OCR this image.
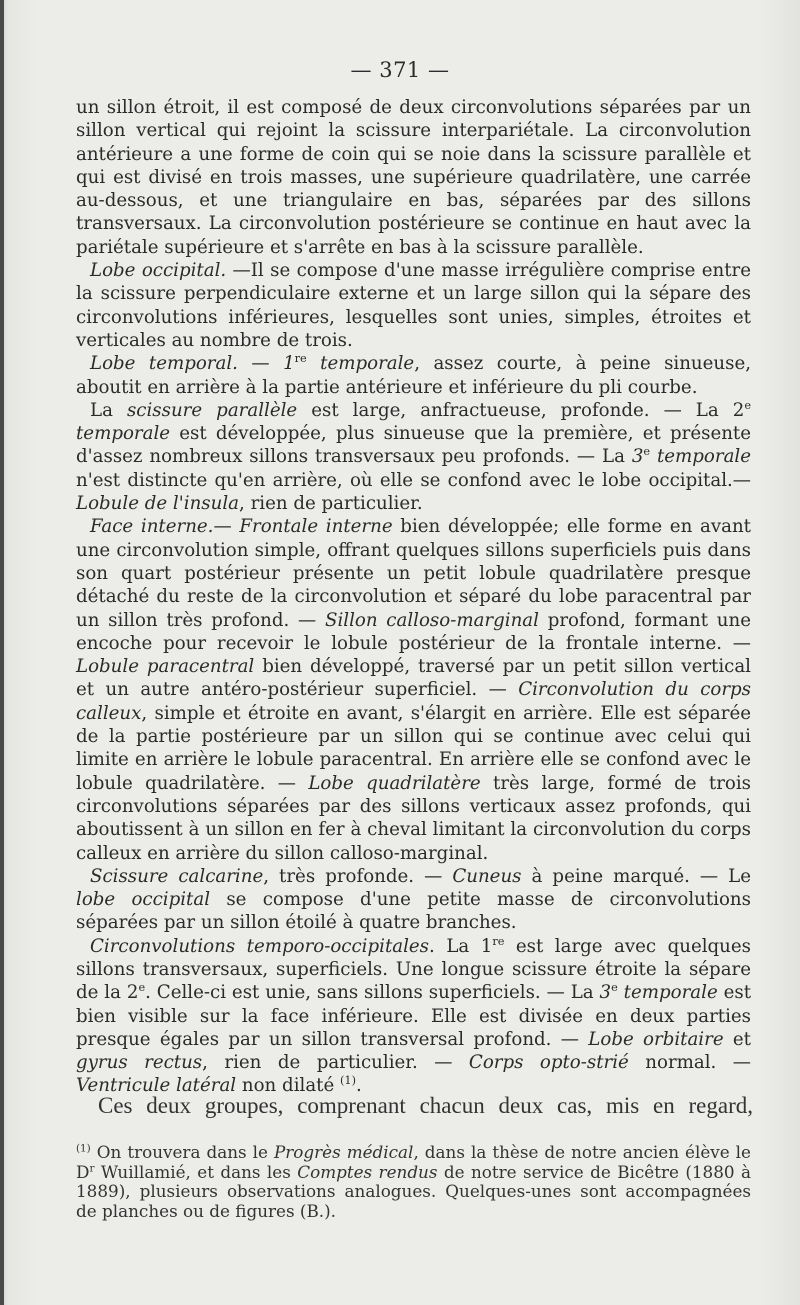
— 371 —

un sillon étroit, il est composé de deux circonvolutions séparées par un sillon vertical qui rejoint la scissure interpariétale. La circonvolution antérieure a une forme de coin qui se noie dans la scissure parallèle et qui est divisé en trois masses, une supérieure quadrilatère, une carrée au-dessous, et une triangulaire en bas, séparées par des sillons transversaux. La circonvolution postérieure se continue en haut avec la pariétale supérieure et s'arrête en bas à la scissure parallèle.

Lobe occipital. —Il se compose d'une masse irrégulière comprise entre la scissure perpendiculaire externe et un large sillon qui la sépare des circonvolutions inférieures, lesquelles sont unies, simples, étroites et verticales au nombre de trois.

Lobe temporal. — 1re temporale, assez courte, à peine sinueuse, aboutit en arrière à la partie antérieure et inférieure du pli courbe.

La scissure parallèle est large, anfractueuse, profonde. — La 2e temporale est développée, plus sinueuse que la première, et présente d'assez nombreux sillons transversaux peu profonds. — La 3e temporale n'est distincte qu'en arrière, où elle se confond avec le lobe occipital.— Lobule de l'insula, rien de particulier.

Face interne.— Frontale interne bien développée; elle forme en avant une circonvolution simple, offrant quelques sillons superficiels puis dans son quart postérieur présente un petit lobule quadrilatère presque détaché du reste de la circonvolution et séparé du lobe paracentral par un sillon très profond. — Sillon calloso-marginal profond, formant une encoche pour recevoir le lobule postérieur de la frontale interne. —Lobule paracentral bien développé, traversé par un petit sillon vertical et un autre antéro-postérieur superficiel. — Circonvolution du corps calleux, simple et étroite en avant, s'élargit en arrière. Elle est séparée de la partie postérieure par un sillon qui se continue avec celui qui limite en arrière le lobule paracentral. En arrière elle se confond avec le lobule quadrilatère. — Lobe quadrilatère très large, formé de trois circonvolutions séparées par des sillons verticaux assez profonds, qui aboutissent à un sillon en fer à cheval limitant la circonvolution du corps calleux en arrière du sillon calloso-marginal.

Scissure calcarine, très profonde. — Cuneus à peine marqué. — Le lobe occipital se compose d'une petite masse de circonvolutions séparées par un sillon étoilé à quatre branches.

Circonvolutions temporo-occipitales. La 1re est large avec quelques sillons transversaux, superficiels. Une longue scissure étroite la sépare de la 2e. Celle-ci est unie, sans sillons superficiels. — La 3e temporale est bien visible sur la face inférieure. Elle est divisée en deux parties presque égales par un sillon transversal profond. — Lobe orbitaire et gyrus rectus, rien de particulier. — Corps opto-strié normal. — Ventricule latéral non dilaté $^{(1)}$.

Ces deux groupes, comprenant chacun deux cas, mis en regard,
$^{(1)}$ On trouvera dans le Progrès médical, dans la thèse de notre ancien élève le $D^r$ Wuillamié, et dans les Comptes rendus de notre service de Bicêtre (1880 à 1889), plusieurs observations analogues. Quelques-unes sont accompagnées de planches ou de figures (B.).
